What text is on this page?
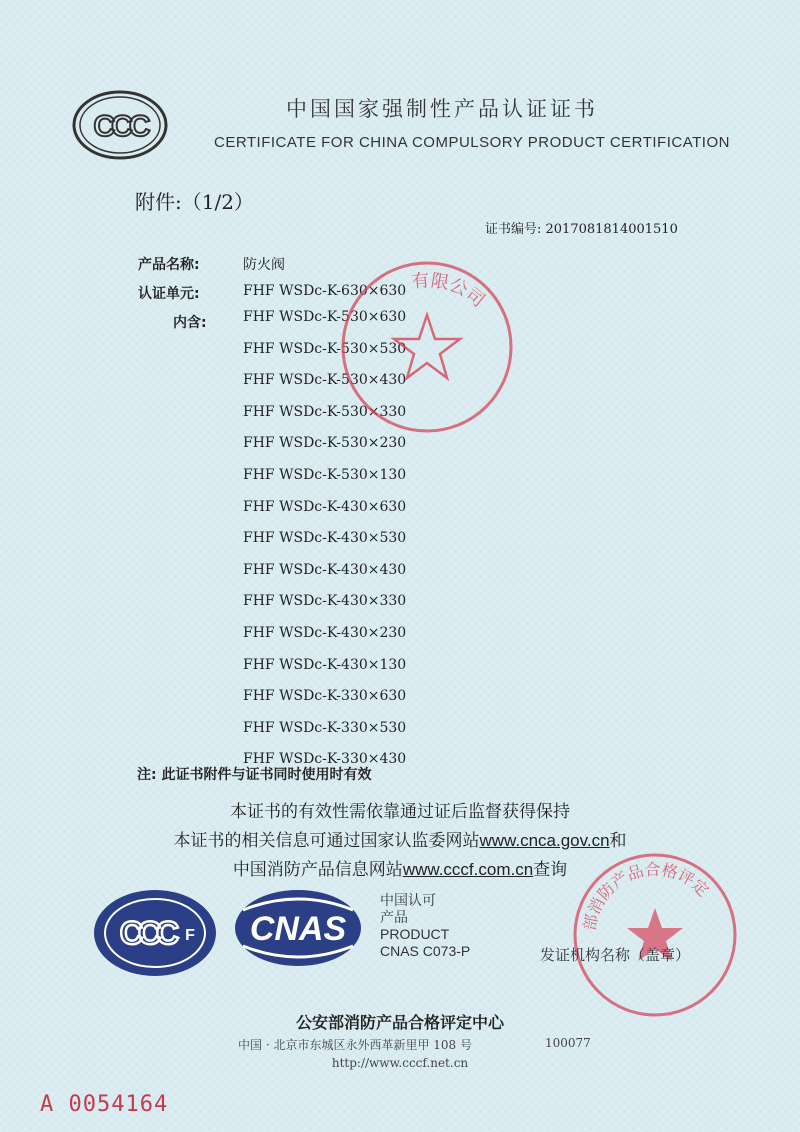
CCC
中国国家强制性产品认证证书
CERTIFICATE FOR CHINA COMPULSORY PRODUCT CERTIFICATION
附件:（1/2）
证书编号: 2017081814001510
产品名称:	防火阀
认证单元:	FHF WSDc-K-630×630
内含:	FHF WSDc-K-530×630
FHF WSDc-K-530×530
FHF WSDc-K-530×430
FHF WSDc-K-530×330
FHF WSDc-K-530×230
FHF WSDc-K-530×130
FHF WSDc-K-430×630
FHF WSDc-K-430×530
FHF WSDc-K-430×430
FHF WSDc-K-430×330
FHF WSDc-K-430×230
FHF WSDc-K-430×130
FHF WSDc-K-330×630
FHF WSDc-K-330×530
FHF WSDc-K-330×430
有限公司
注: 此证书附件与证书同时使用时有效
本证书的有效性需依靠通过证后监督获得保持
本证书的相关信息可通过国家认监委网站www.cnca.gov.cn和
中国消防产品信息网站www.cccf.com.cn查询
CCC F CNAS
中国认可
产品
PRODUCT
CNAS C073-P
部消防产品合格评定
发证机构名称（盖章）
公安部消防产品合格评定中心
中国 · 北京市东城区永外西革新里甲 108 号	100077
http://www.cccf.net.cn
A 0054164
